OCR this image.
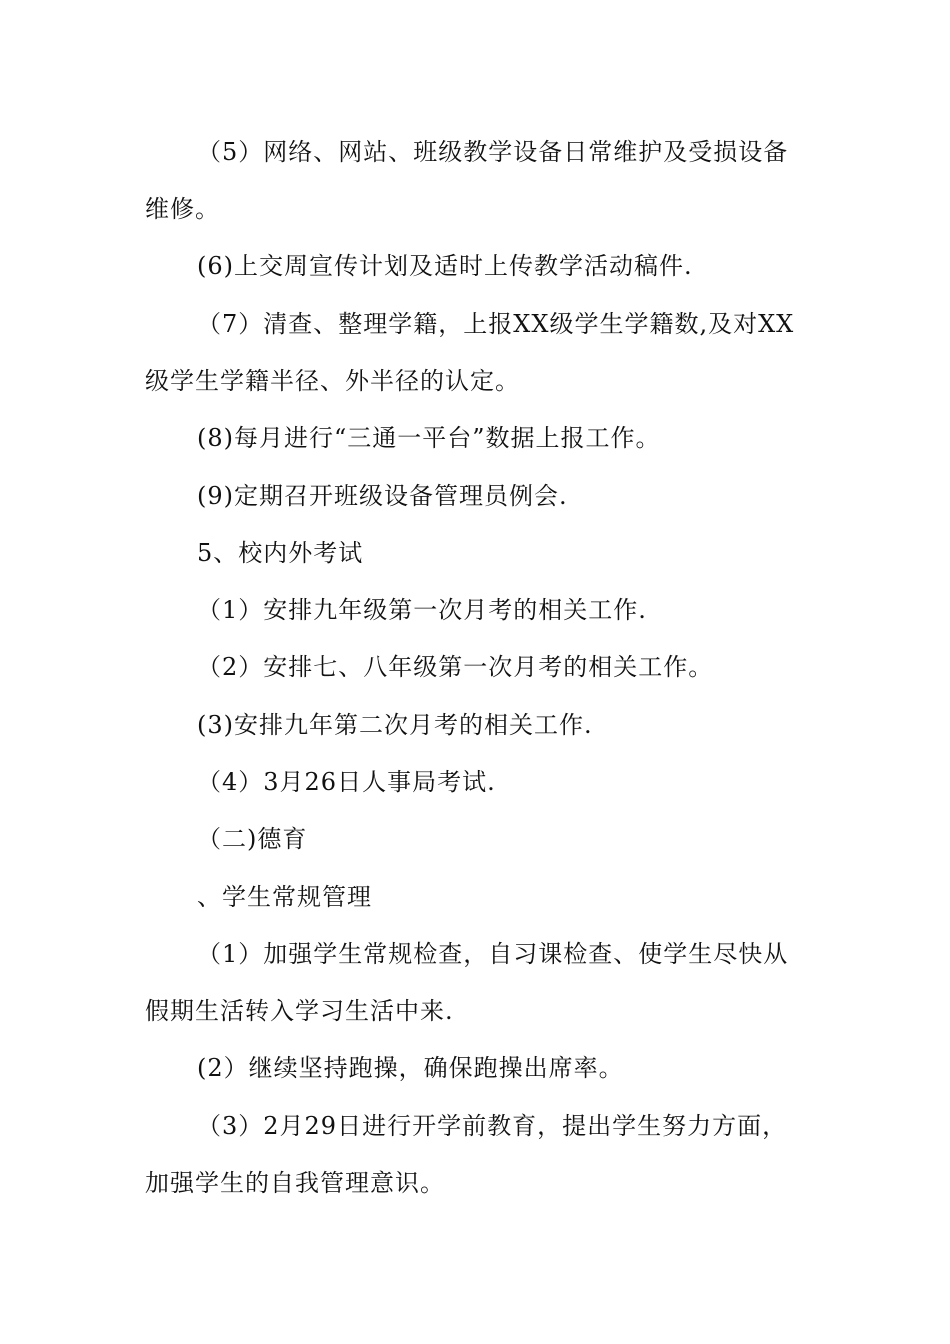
（5）网络、网站、班级教学设备日常维护及受损设备
维修。
(6)上交周宣传计划及适时上传教学活动稿件.
（7）清查、整理学籍，上报XX级学生学籍数,及对XX
级学生学籍半径、外半径的认定。
(8)每月进行“三通一平台”数据上报工作。
(9)定期召开班级设备管理员例会.
5、校内外考试
（1）安排九年级第一次月考的相关工作.
（2）安排七、八年级第一次月考的相关工作。
(3)安排九年第二次月考的相关工作.
（4）3月26日人事局考试.
（二)德育
、学生常规管理
（1）加强学生常规检查，自习课检查、使学生尽快从
假期生活转入学习生活中来.
(2）继续坚持跑操，确保跑操出席率。
（3）2月29日进行开学前教育，提出学生努力方面，
加强学生的自我管理意识。
